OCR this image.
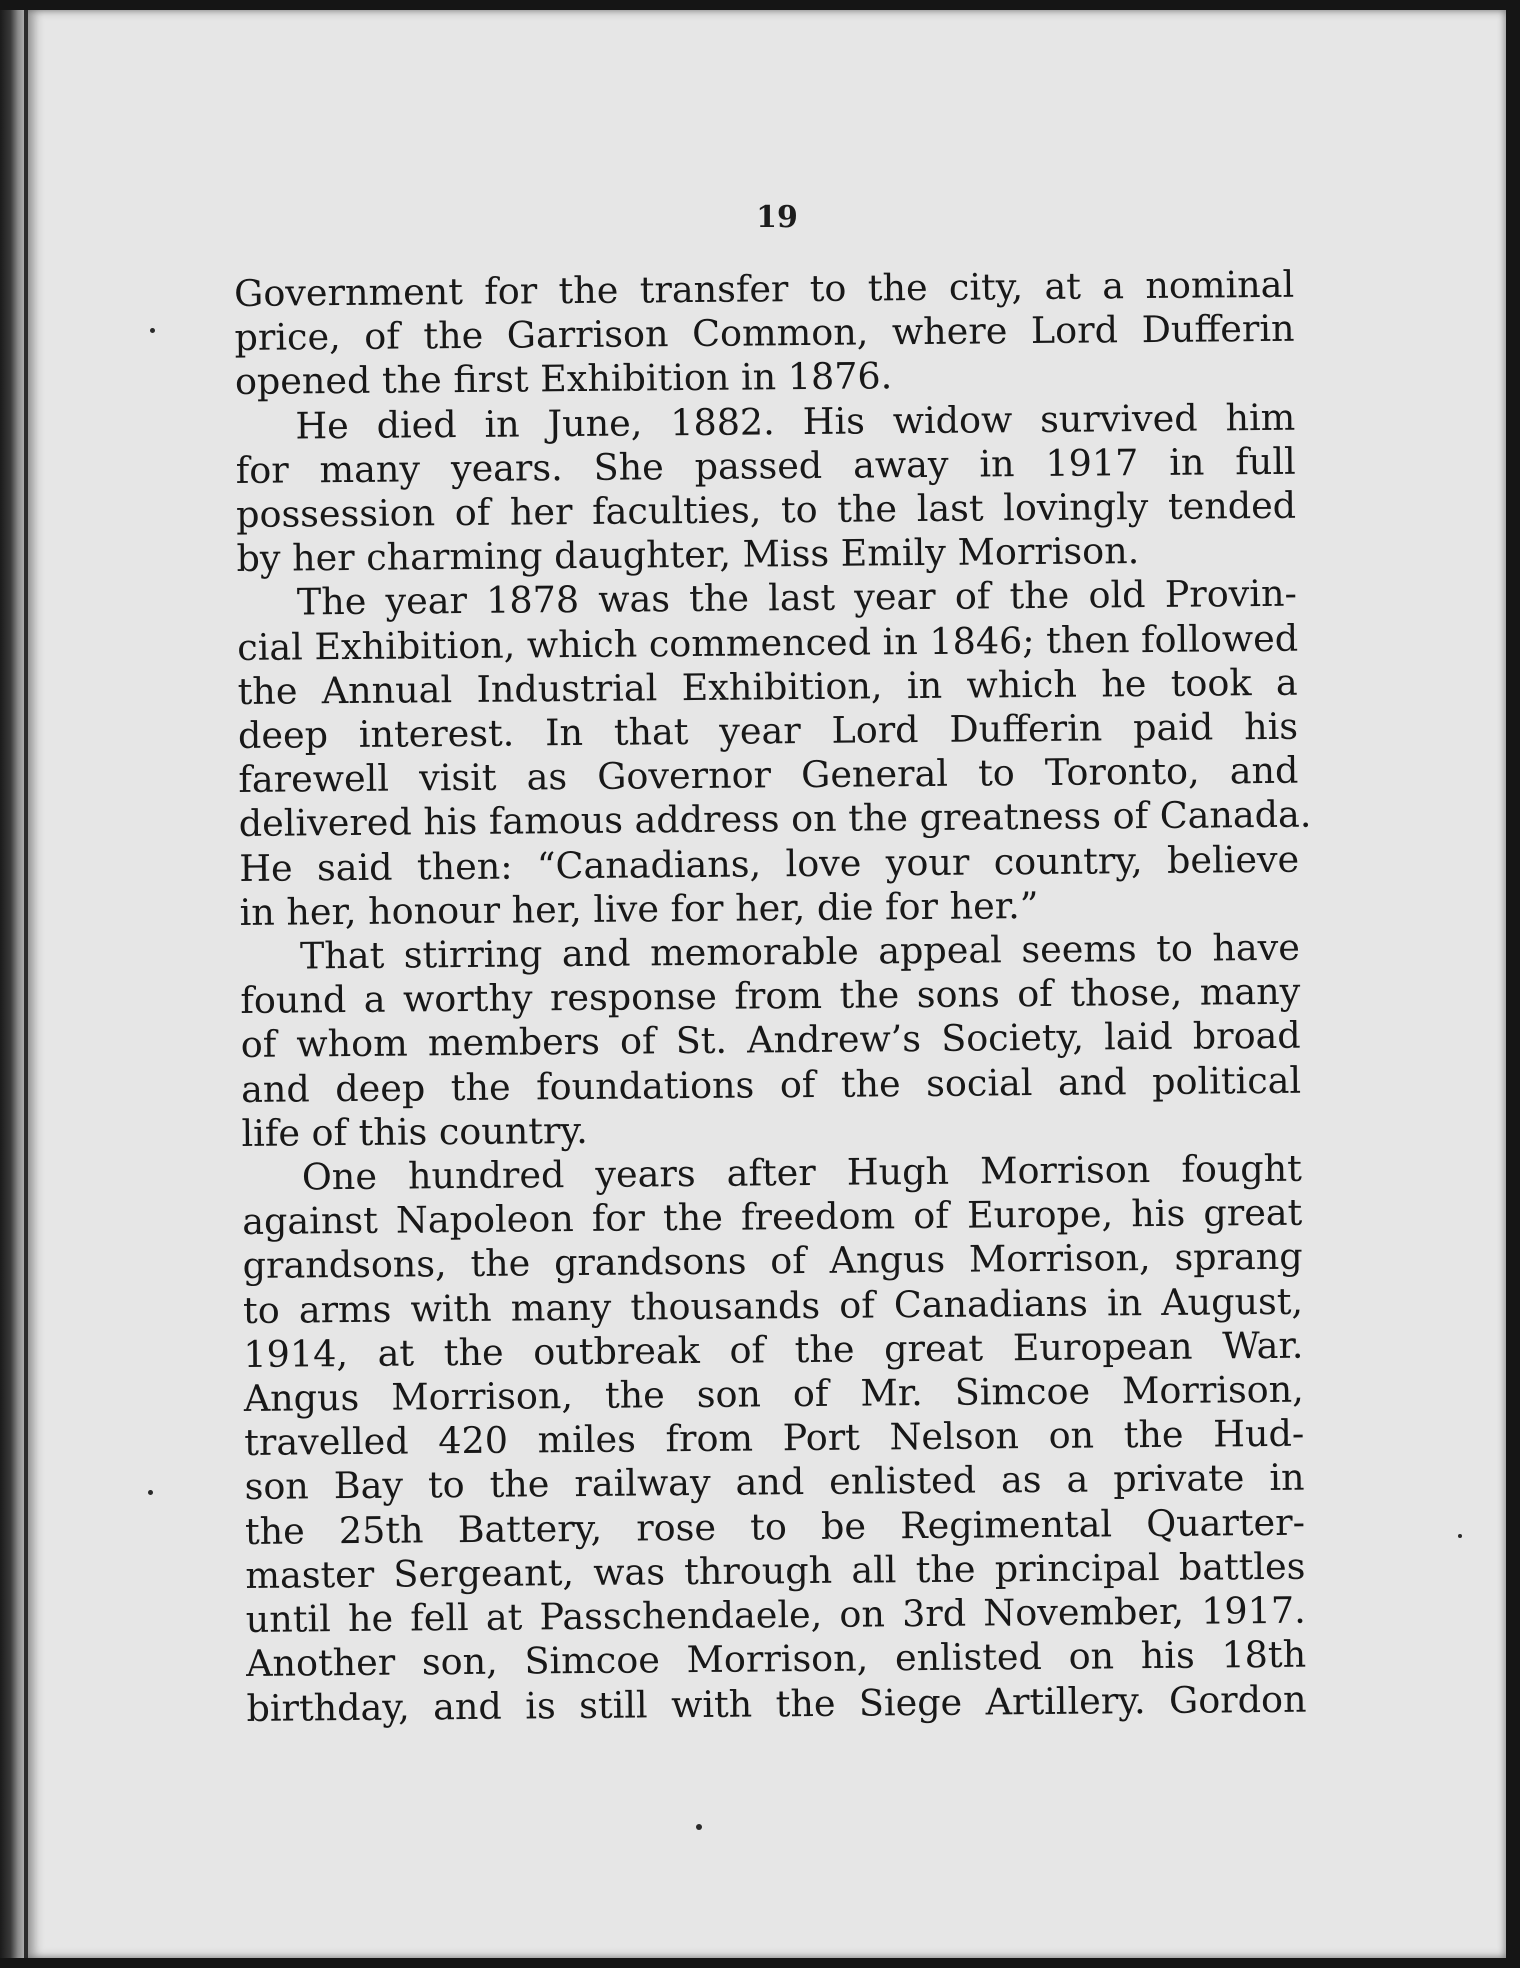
19

Government for the transfer to the city, at a nominal
price, of the Garrison Common, where Lord Dufferin
opened the first Exhibition in 1876.

He died in June, 1882. His widow survived him
for many years. She passed away in 1917 in full
possession of her faculties, to the last lovingly tended
by her charming daughter, Miss Emily Morrison.

The year 1878 was the last year of the old Provin-
cial Exhibition, which commenced in 1846; then followed
the Annual Industrial Exhibition, in which he took a
deep interest. In that year Lord Dufferin paid his
farewell visit as Governor General to Toronto, and
delivered his famous address on the greatness of Canada.
He said then: “Canadians, love your country, believe
in her, honour her, live for her, die for her.”

That stirring and memorable appeal seems to have
found a worthy response from the sons of those, many
of whom members of St. Andrew’s Society, laid broad
and deep the foundations of the social and political
life of this country.

One hundred years after Hugh Morrison fought
against Napoleon for the freedom of Europe, his great
grandsons, the grandsons of Angus Morrison, sprang
to arms with many thousands of Canadians in August,
1914, at the outbreak of the great European War.
Angus Morrison, the son of Mr. Simcoe Morrison,
travelled 420 miles from Port Nelson on the Hud-
son Bay to the railway and enlisted as a private in
the 25th Battery, rose to be Regimental Quarter-
master Sergeant, was through all the principal battles
until he fell at Passchendaele, on 3rd November, 1917.
Another son, Simcoe Morrison, enlisted on his 18th
birthday, and is still with the Siege Artillery. Gordon
